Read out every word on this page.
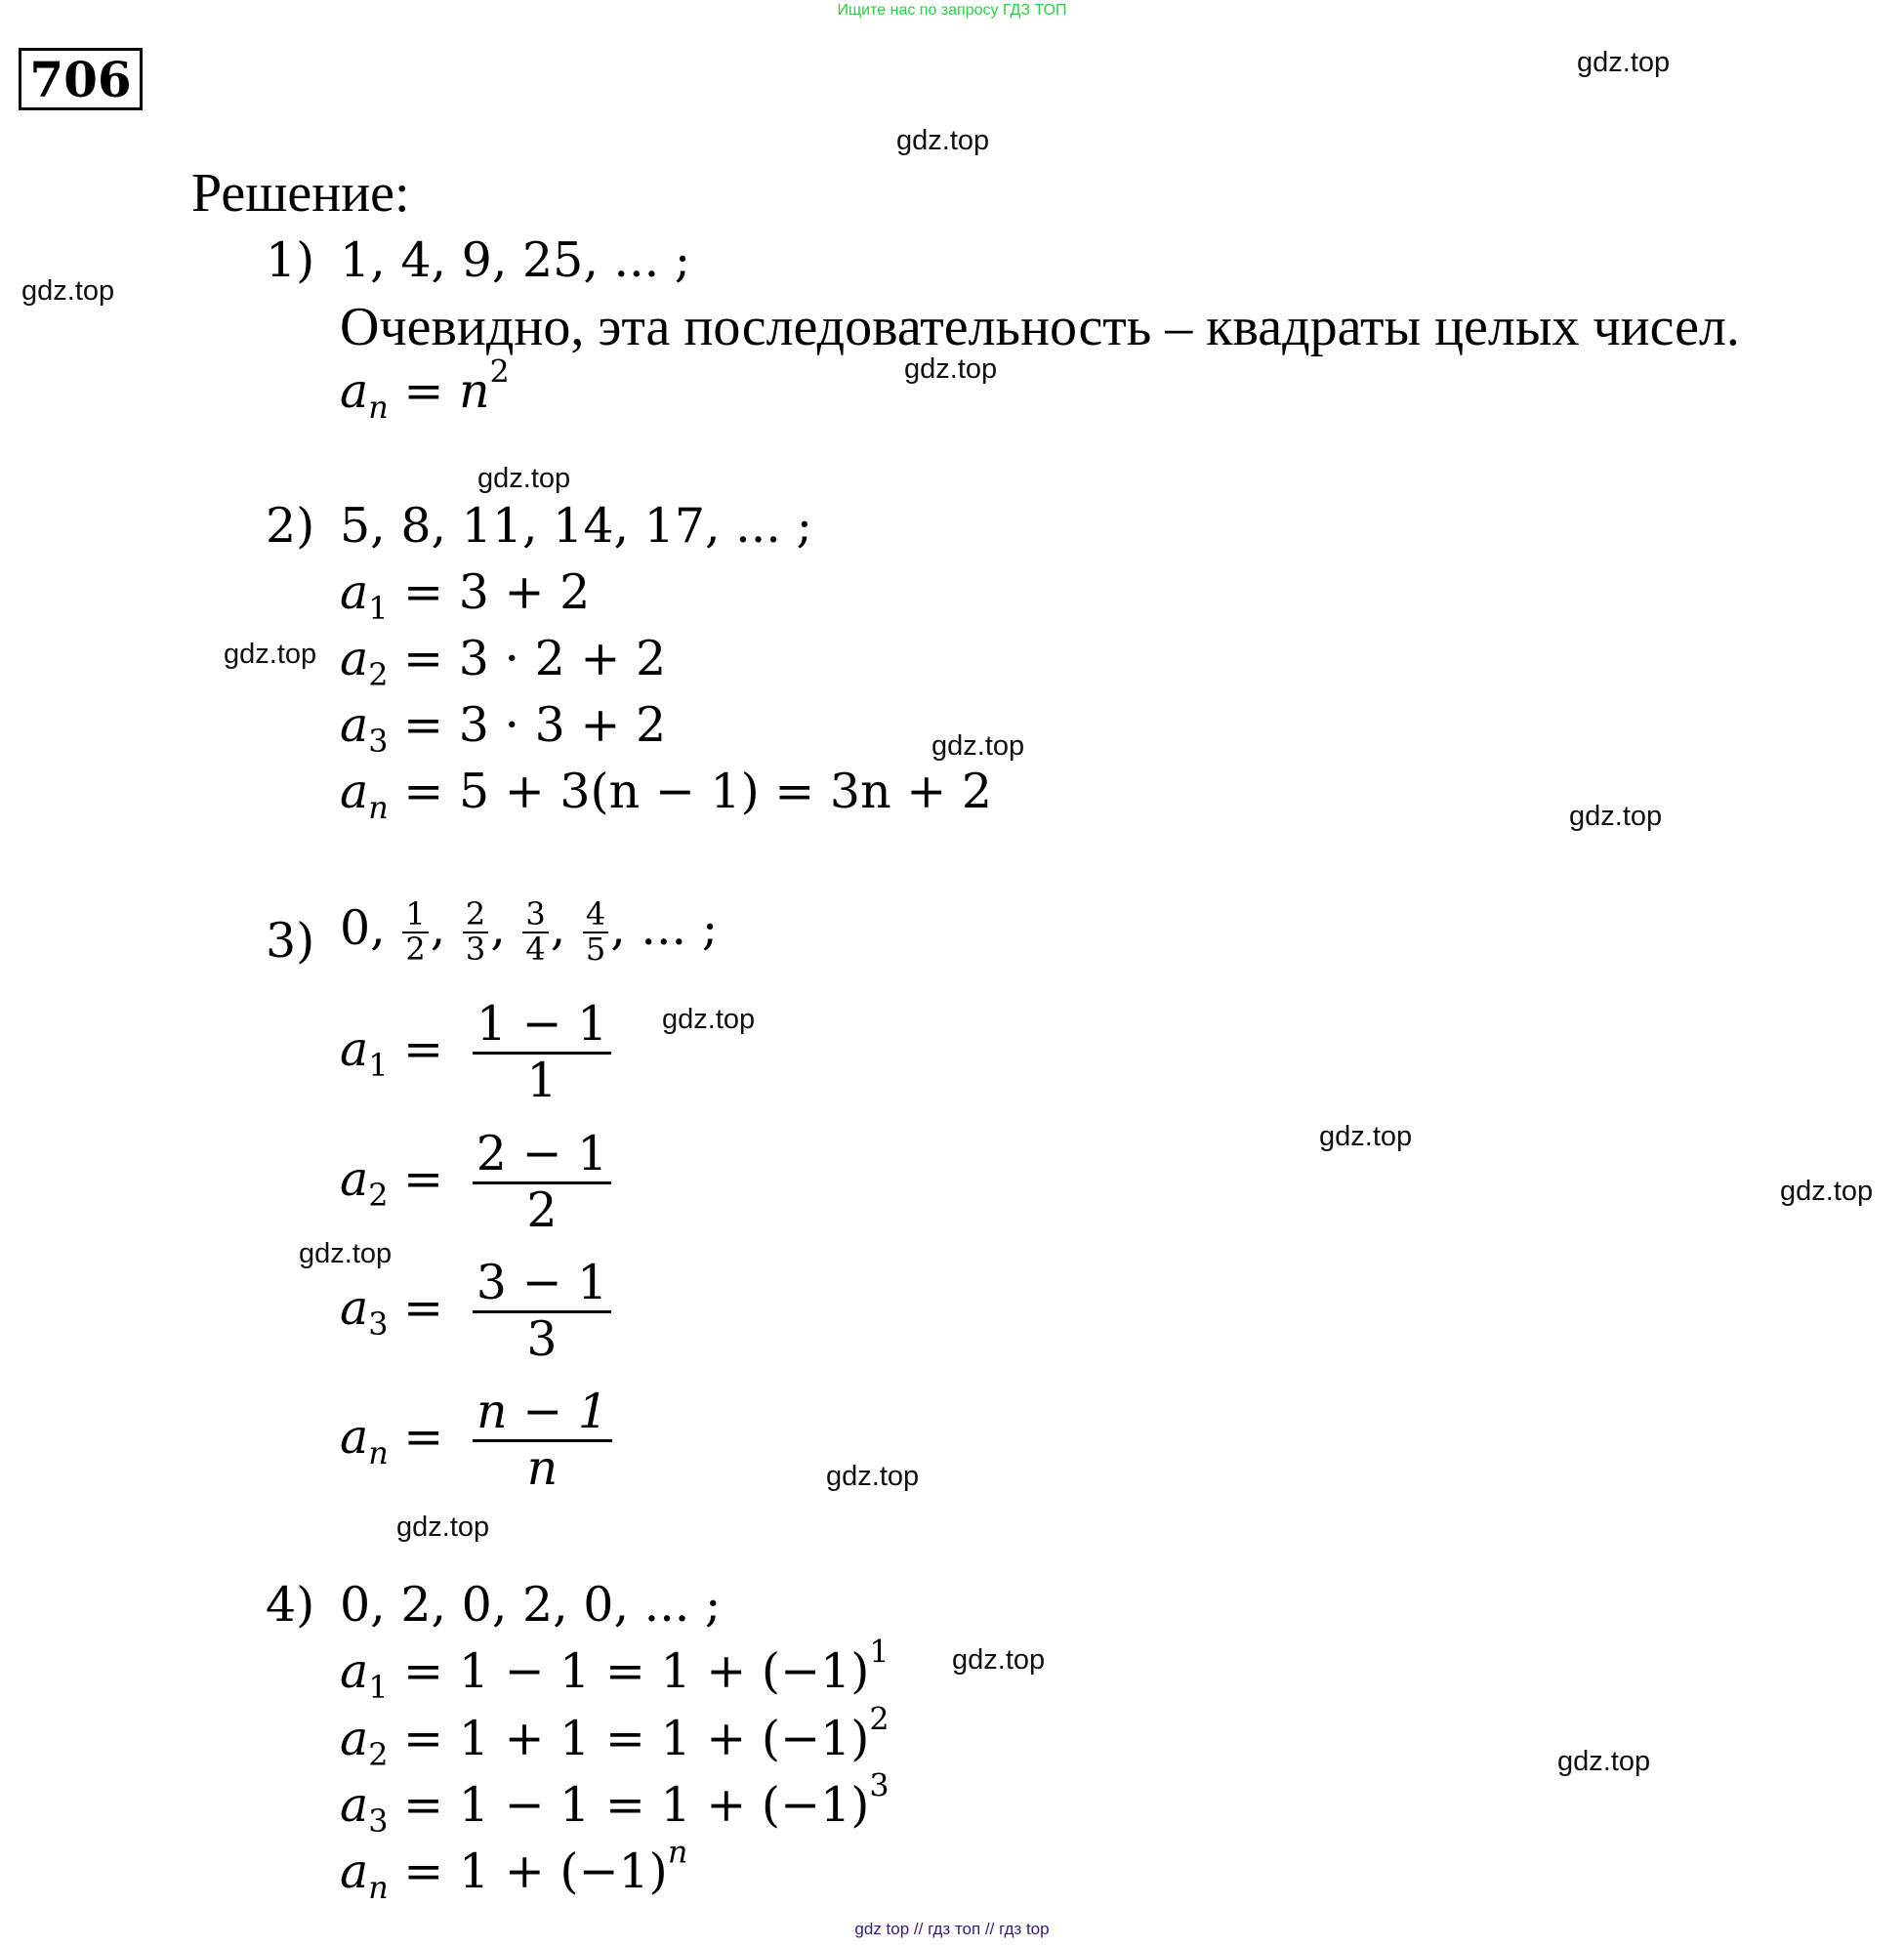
Ищите нас по запросу ГДЗ ТОП
706
Решение:
1) 1, 4, 9, 25, ... ;
Очевидно, эта последовательность – квадраты целых чисел.
$a_n = n^2$
2) 5, 8, 11, 14, 17, ... ;
$a_1 = 3 + 2$
$a_2 = 3 \cdot 2 + 2$
$a_3 = 3 \cdot 3 + 2$
$a_n = 5 + 3(n - 1) = 3n + 2$
3) 0, $\frac{1}{2}$ , $\frac{2}{3}$ , $\frac{3}{4}$ , $\frac{4}{5}$ , ... ;
$a_1 = \frac{1 - 1}{1}$
$a_2 = \frac{2 - 1}{2}$
$a_3 = \frac{3 - 1}{3}$
$a_n = \frac{n - 1}{n}$
4) 0, 2, 0, 2, 0, ... ;
$a_1 = 1 - 1 = 1 + (-1)^1$
$a_2 = 1 + 1 = 1 + (-1)^2$
$a_3 = 1 - 1 = 1 + (-1)^3$
$a_n = 1 + (-1)^n$
gdz.top
gdz.top
gdz.top
gdz.top
gdz.top
gdz.top
gdz.top
gdz.top
gdz.top
gdz.top
gdz.top
gdz.top
gdz.top
gdz.top
gdz.top
gdz.top
gdz top // гдз топ // гдз top
